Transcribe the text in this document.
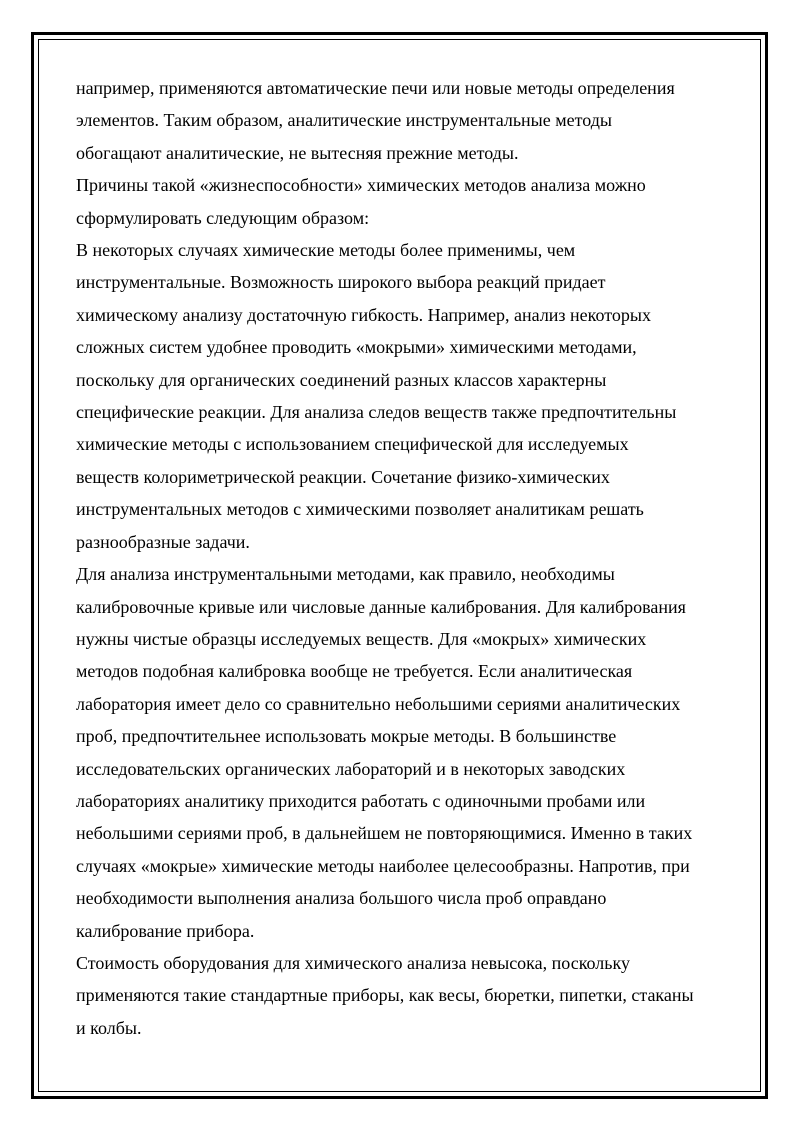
например, применяются автоматические печи или новые методы определения
элементов. Таким образом, аналитические инструментальные методы
обогащают аналитические, не вытесняя прежние методы.

Причины такой «жизнеспособности» химических методов анализа можно
сформулировать следующим образом:

В некоторых случаях химические методы более применимы, чем
инструментальные. Возможность широкого выбора реакций придает
химическому анализу достаточную гибкость. Например, анализ некоторых
сложных систем удобнее проводить «мокрыми» химическими методами,
поскольку для органических соединений разных классов характерны
специфические реакции. Для анализа следов веществ также предпочтительны
химические методы с использованием специфической для исследуемых
веществ колориметрической реакции. Сочетание физико-химических
инструментальных методов с химическими позволяет аналитикам решать
разнообразные задачи.

Для анализа инструментальными методами, как правило, необходимы
калибровочные кривые или числовые данные калибрования. Для калибрования
нужны чистые образцы исследуемых веществ. Для «мокрых» химических
методов подобная калибровка вообще не требуется. Если аналитическая
лаборатория имеет дело со сравнительно небольшими сериями аналитических
проб, предпочтительнее использовать мокрые методы. В большинстве
исследовательских органических лабораторий и в некоторых заводских
лабораториях аналитику приходится работать с одиночными пробами или
небольшими сериями проб, в дальнейшем не повторяющимися. Именно в таких
случаях «мокрые» химические методы наиболее целесообразны. Напротив, при
необходимости выполнения анализа большого числа проб оправдано
калибрование прибора.

Стоимость оборудования для химического анализа невысока, поскольку
применяются такие стандартные приборы, как весы, бюретки, пипетки, стаканы
и колбы.
